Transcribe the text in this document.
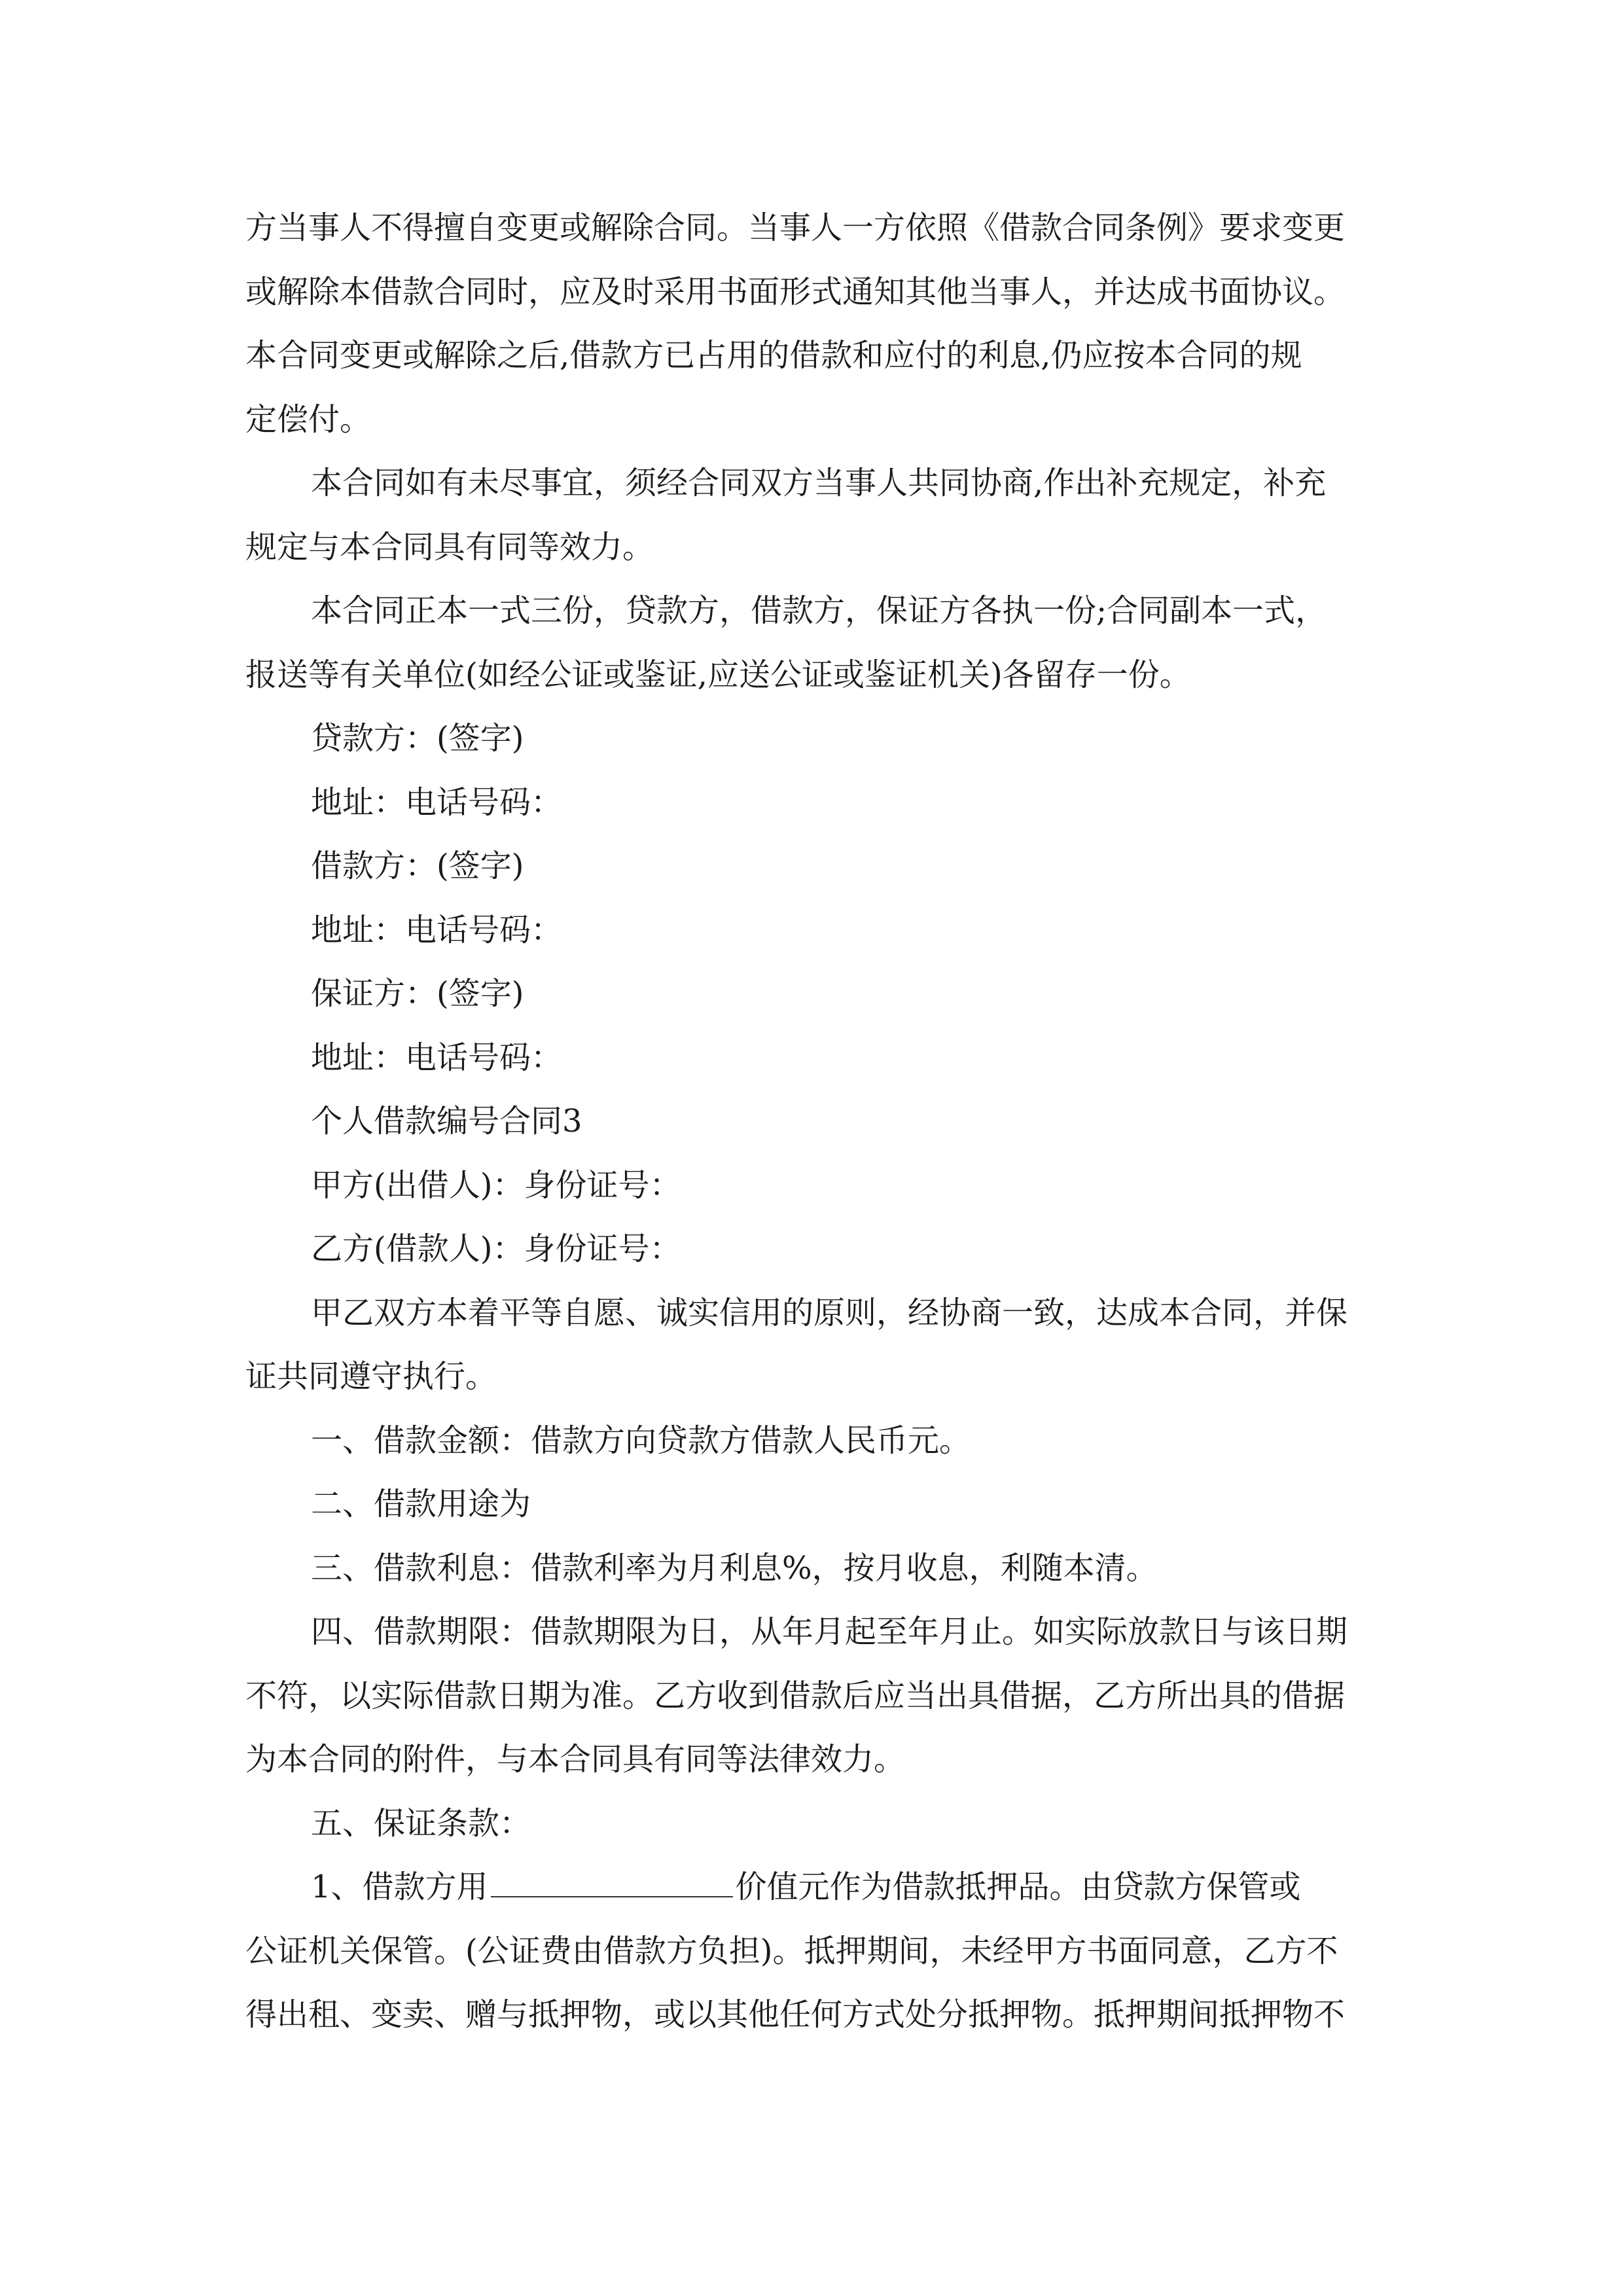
方当事人不得擅自变更或解除合同。当事人一方依照《借款合同条例》要求变更
或解除本借款合同时，应及时采用书面形式通知其他当事人，并达成书面协议。
本合同变更或解除之后,借款方已占用的借款和应付的利息,仍应按本合同的规
定偿付。
本合同如有未尽事宜，须经合同双方当事人共同协商,作出补充规定，补充
规定与本合同具有同等效力。
本合同正本一式三份，贷款方，借款方，保证方各执一份;合同副本一式，
报送等有关单位(如经公证或鉴证,应送公证或鉴证机关)各留存一份。
贷款方：(签字)
地址：电话号码：
借款方：(签字)
地址：电话号码：
保证方：(签字)
地址：电话号码：
个人借款编号合同3
甲方(出借人)：身份证号：
乙方(借款人)：身份证号：
甲乙双方本着平等自愿、诚实信用的原则，经协商一致，达成本合同，并保
证共同遵守执行。
一、借款金额：借款方向贷款方借款人民币元。
二、借款用途为
三、借款利息：借款利率为月利息%，按月收息，利随本清。
四、借款期限：借款期限为日，从年月起至年月止。如实际放款日与该日期
不符，以实际借款日期为准。乙方收到借款后应当出具借据，乙方所出具的借据
为本合同的附件，与本合同具有同等法律效力。
五、保证条款：
1、借款方用	价值元作为借款抵押品。由贷款方保管或
公证机关保管。(公证费由借款方负担)。抵押期间，未经甲方书面同意，乙方不
得出租、变卖、赠与抵押物，或以其他任何方式处分抵押物。抵押期间抵押物不
